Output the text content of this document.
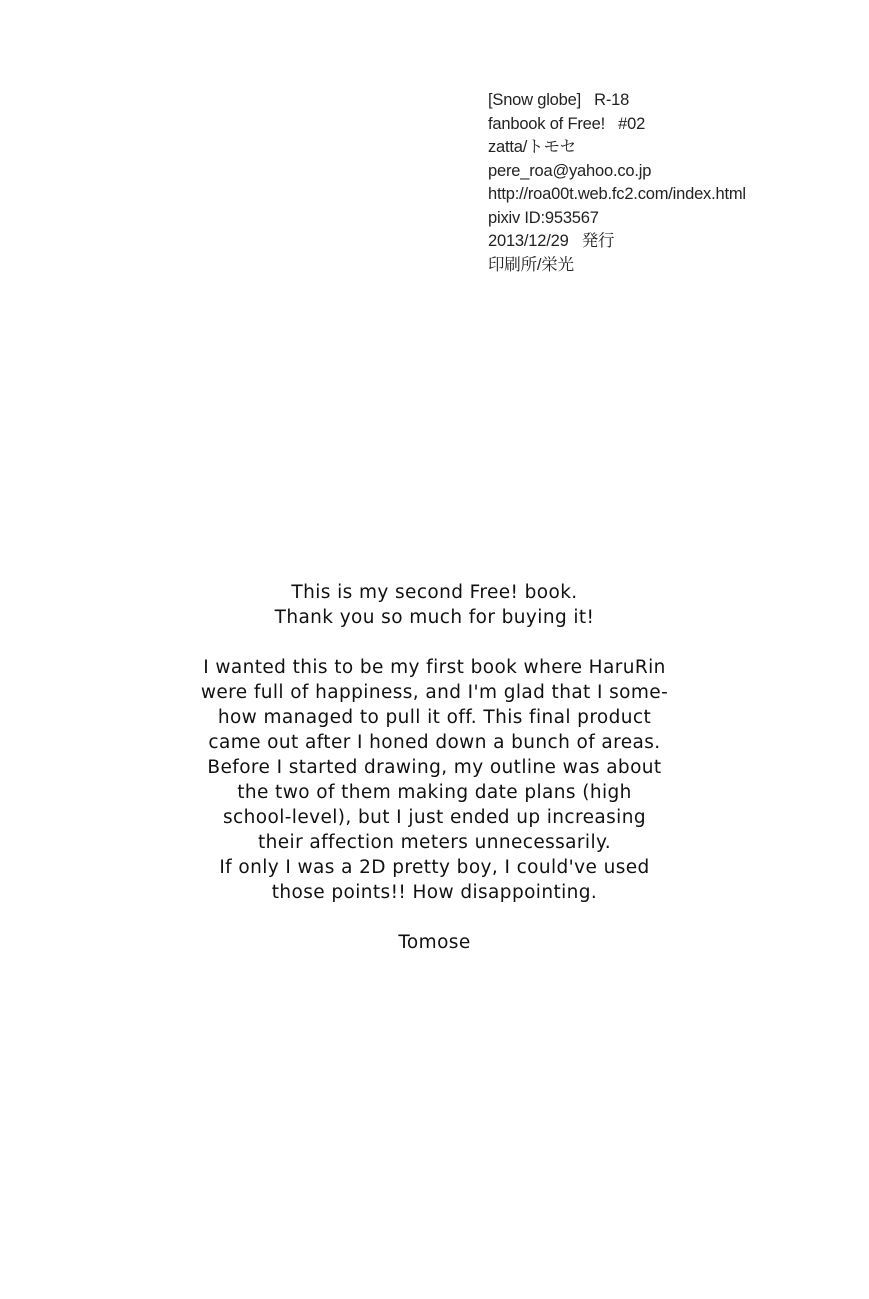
[Snow globe]   R-18
fanbook of Free!   #02
zatta/トモセ
pere_roa@yahoo.co.jp
http://roa00t.web.fc2.com/index.html
pixiv ID:953567
2013/12/29   発行
印刷所/栄光
This is my second Free! book.
Thank you so much for buying it!
I wanted this to be my first book where HaruRin
were full of happiness, and I'm glad that I some-
how managed to pull it off. This final product
came out after I honed down a bunch of areas.
Before I started drawing, my outline was about
the two of them making date plans (high
school-level), but I just ended up increasing
their affection meters unnecessarily.
If only I was a 2D pretty boy, I could've used
those points!! How disappointing.
Tomose
